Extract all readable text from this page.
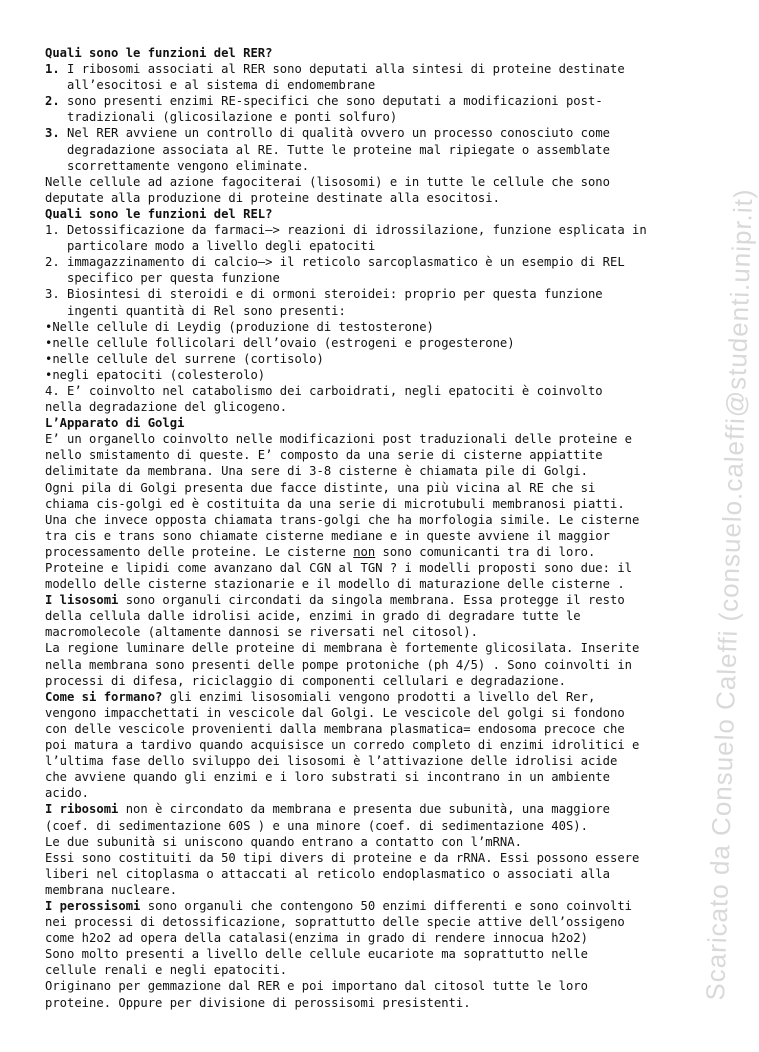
Quali sono le funzioni del RER?
1. I ribosomi associati al RER sono deputati alla sintesi di proteine destinate
all’esocitosi e al sistema di endomembrane
2. sono presenti enzimi RE-specifici che sono deputati a modificazioni post-
tradizionali (glicosilazione e ponti solfuro)
3. Nel RER avviene un controllo di qualità ovvero un processo conosciuto come
degradazione associata al RE. Tutte le proteine mal ripiegate o assemblate
scorrettamente vengono eliminate.
Nelle cellule ad azione fagociterai (lisosomi) e in tutte le cellule che sono
deputate alla produzione di proteine destinate alla esocitosi.
Quali sono le funzioni del REL?
1. Detossificazione da farmaci—> reazioni di idrossilazione, funzione esplicata in
particolare modo a livello degli epatociti
2. immagazzinamento di calcio—> il reticolo sarcoplasmatico è un esempio di REL
specifico per questa funzione
3. Biosintesi di steroidi e di ormoni steroidei: proprio per questa funzione
ingenti quantità di Rel sono presenti:
•Nelle cellule di Leydig (produzione di testosterone)
•nelle cellule follicolari dell’ovaio (estrogeni e progesterone)
•nelle cellule del surrene (cortisolo)
•negli epatociti (colesterolo)
4. E’ coinvolto nel catabolismo dei carboidrati, negli epatociti è coinvolto
nella degradazione del glicogeno.
L’Apparato di Golgi
E’ un organello coinvolto nelle modificazioni post traduzionali delle proteine e
nello smistamento di queste. E’ composto da una serie di cisterne appiattite
delimitate da membrana. Una sere di 3-8 cisterne è chiamata pile di Golgi.
Ogni pila di Golgi presenta due facce distinte, una più vicina al RE che si
chiama cis-golgi ed è costituita da una serie di microtubuli membranosi piatti.
Una che invece opposta chiamata trans-golgi che ha morfologia simile. Le cisterne
tra cis e trans sono chiamate cisterne mediane e in queste avviene il maggior
processamento delle proteine. Le cisterne non sono comunicanti tra di loro.
Proteine e lipidi come avanzano dal CGN al TGN ? i modelli proposti sono due: il
modello delle cisterne stazionarie e il modello di maturazione delle cisterne .
I lisosomi sono organuli circondati da singola membrana. Essa protegge il resto
della cellula dalle idrolisi acide, enzimi in grado di degradare tutte le
macromolecole (altamente dannosi se riversati nel citosol).
La regione luminare delle proteine di membrana è fortemente glicosilata. Inserite
nella membrana sono presenti delle pompe protoniche (ph 4/5) . Sono coinvolti in
processi di difesa, riciclaggio di componenti cellulari e degradazione.
Come si formano? gli enzimi lisosomiali vengono prodotti a livello del Rer,
vengono impacchettati in vescicole dal Golgi. Le vescicole del golgi si fondono
con delle vescicole provenienti dalla membrana plasmatica= endosoma precoce che
poi matura a tardivo quando acquisisce un corredo completo di enzimi idrolitici e
l’ultima fase dello sviluppo dei lisosomi è l’attivazione delle idrolisi acide
che avviene quando gli enzimi e i loro substrati si incontrano in un ambiente
acido.
I ribosomi non è circondato da membrana e presenta due subunità, una maggiore
(coef. di sedimentazione 60S ) e una minore (coef. di sedimentazione 40S).
Le due subunità si uniscono quando entrano a contatto con l’mRNA.
Essi sono costituiti da 50 tipi divers di proteine e da rRNA. Essi possono essere
liberi nel citoplasma o attaccati al reticolo endoplasmatico o associati alla
membrana nucleare.
I perossisomi sono organuli che contengono 50 enzimi differenti e sono coinvolti
nei processi di detossificazione, soprattutto delle specie attive dell’ossigeno
come h2o2 ad opera della catalasi(enzima in grado di rendere innocua h2o2)
Sono molto presenti a livello delle cellule eucariote ma soprattutto nelle
cellule renali e negli epatociti.
Originano per gemmazione dal RER e poi importano dal citosol tutte le loro
proteine. Oppure per divisione di perossisomi presistenti.
Scaricato da Consuelo Caleffi (consuelo.caleffi@studenti.unipr.it)
